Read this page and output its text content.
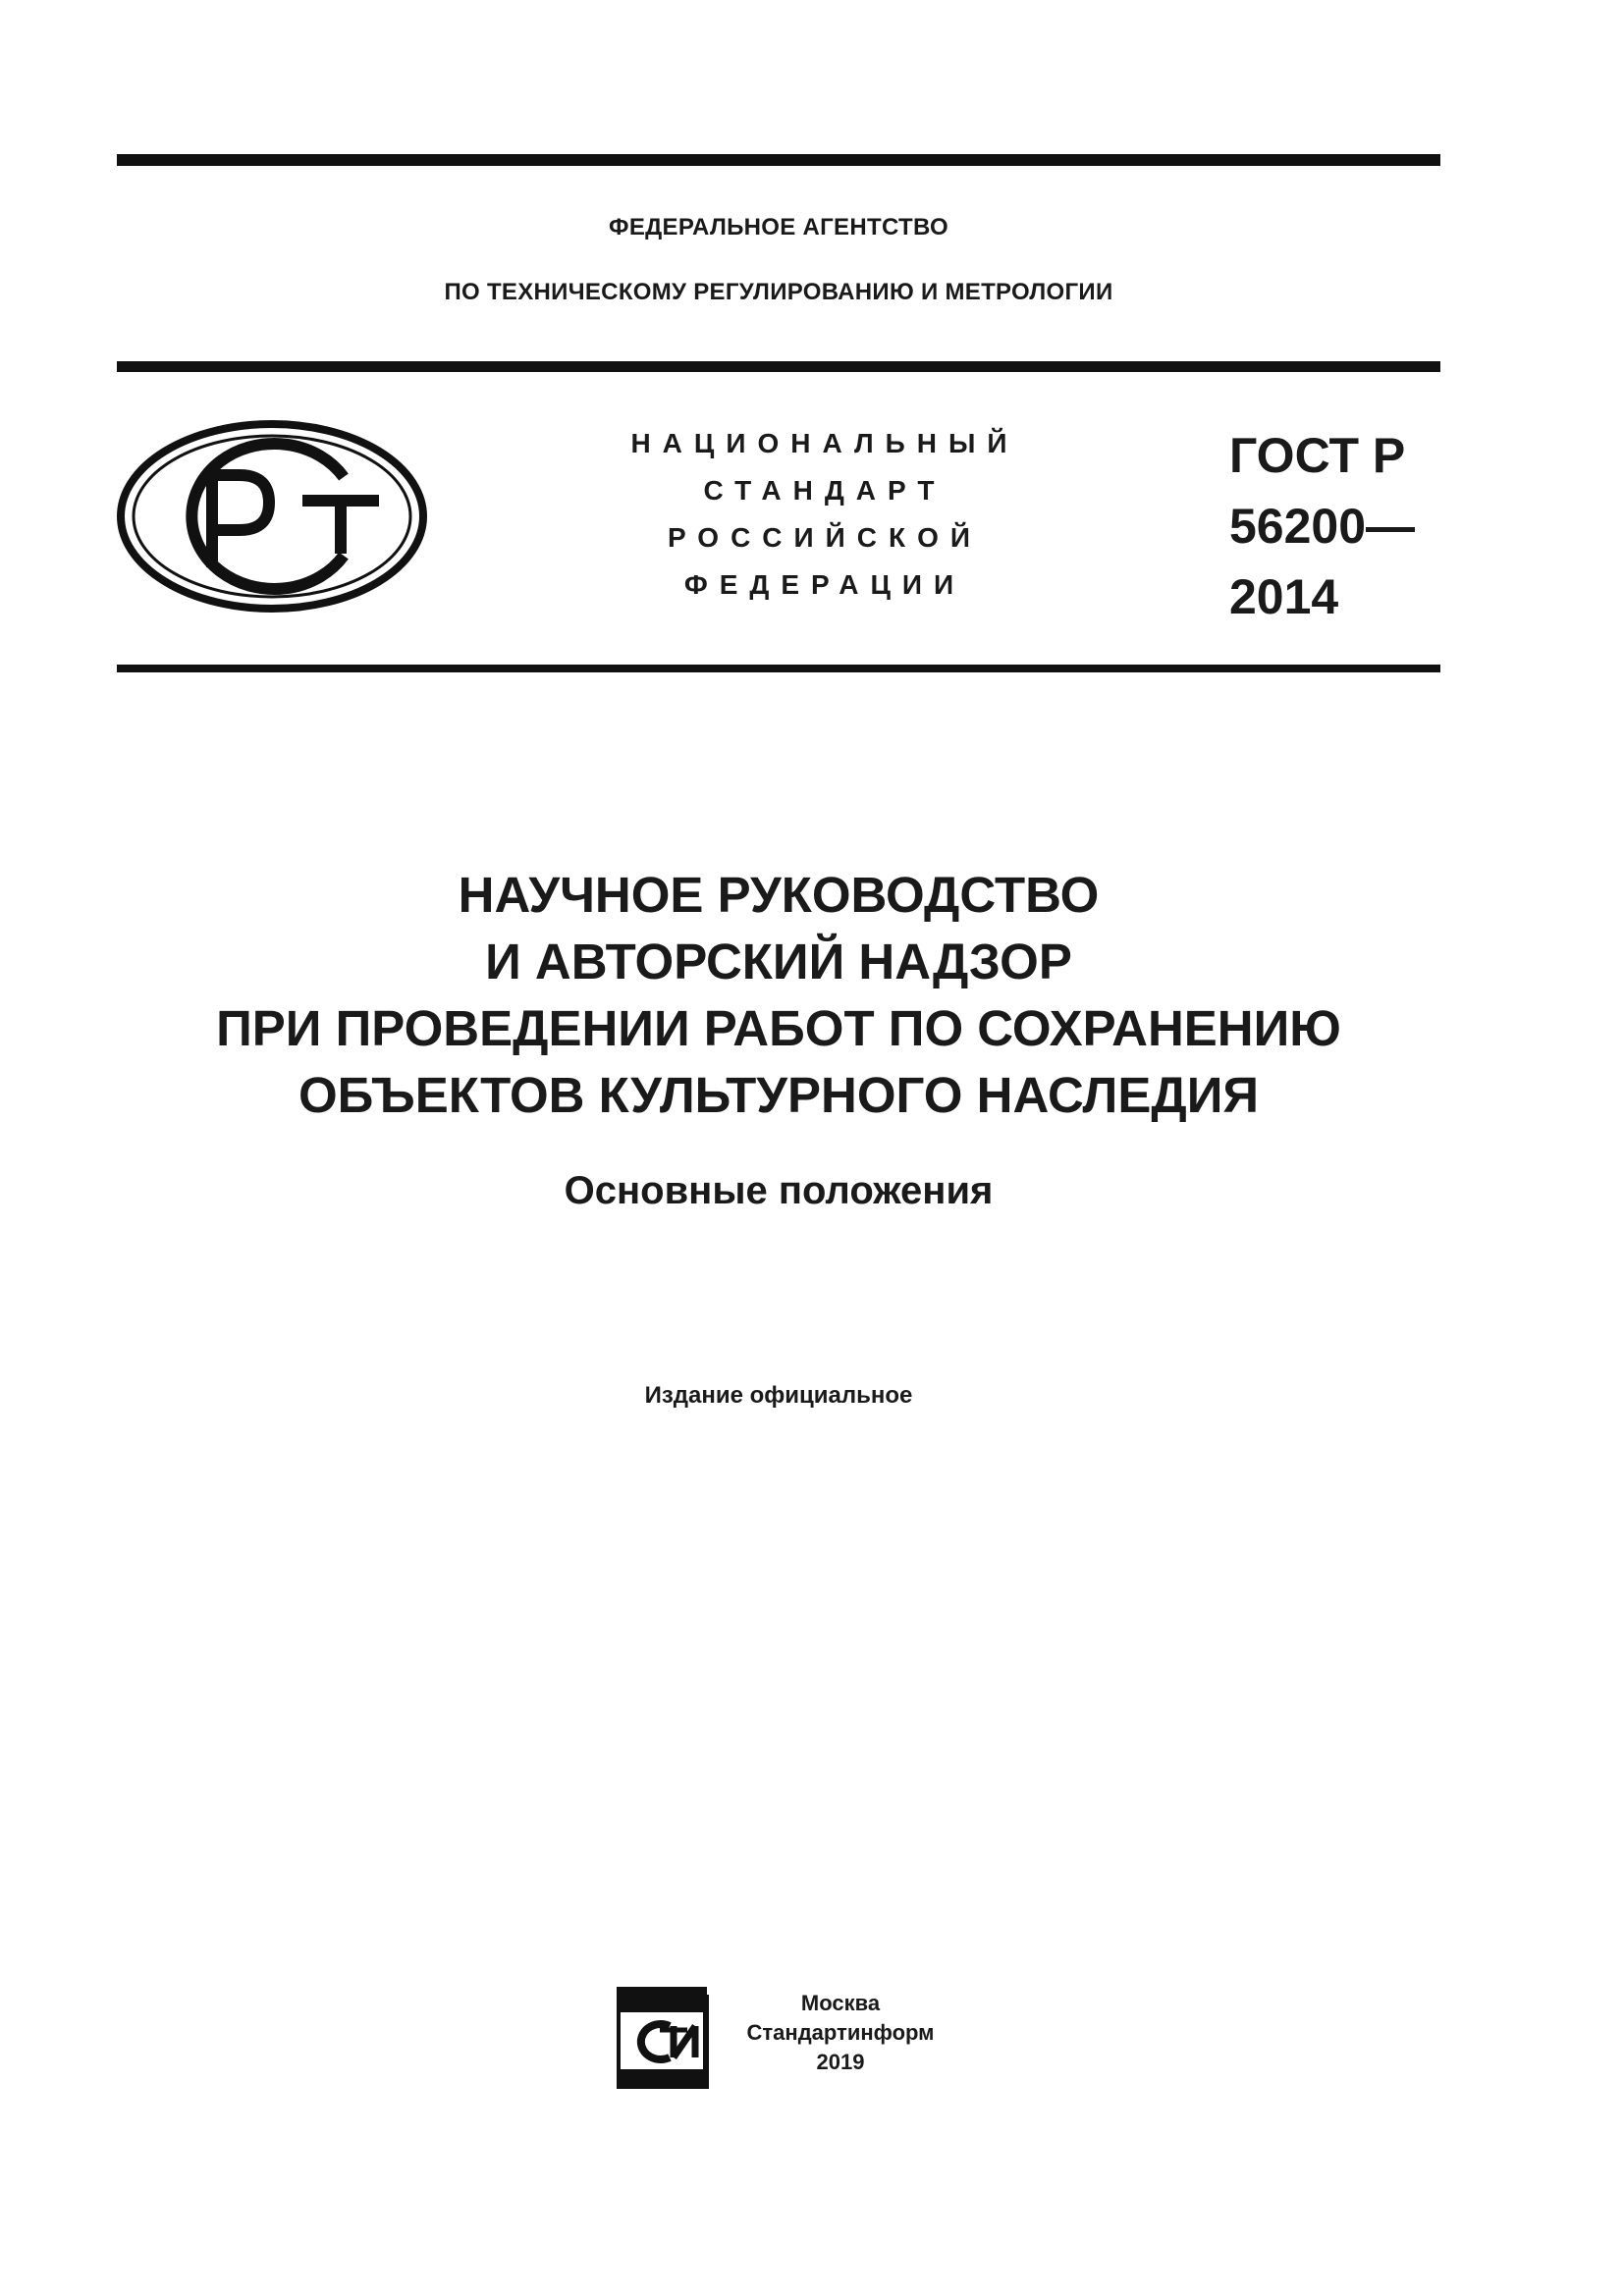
ФЕДЕРАЛЬНОЕ АГЕНТСТВО
ПО ТЕХНИЧЕСКОМУ РЕГУЛИРОВАНИЮ И МЕТРОЛОГИИ
НАЦИОНАЛЬНЫЙ
СТАНДАРТ
РОССИЙСКОЙ
ФЕДЕРАЦИИ
ГОСТ Р
56200—
2014
НАУЧНОЕ РУКОВОДСТВО
И АВТОРСКИЙ НАДЗОР
ПРИ ПРОВЕДЕНИИ РАБОТ ПО СОХРАНЕНИЮ
ОБЪЕКТОВ КУЛЬТУРНОГО НАСЛЕДИЯ
Основные положения
Издание официальное
Москва
Стандартинформ
2019
